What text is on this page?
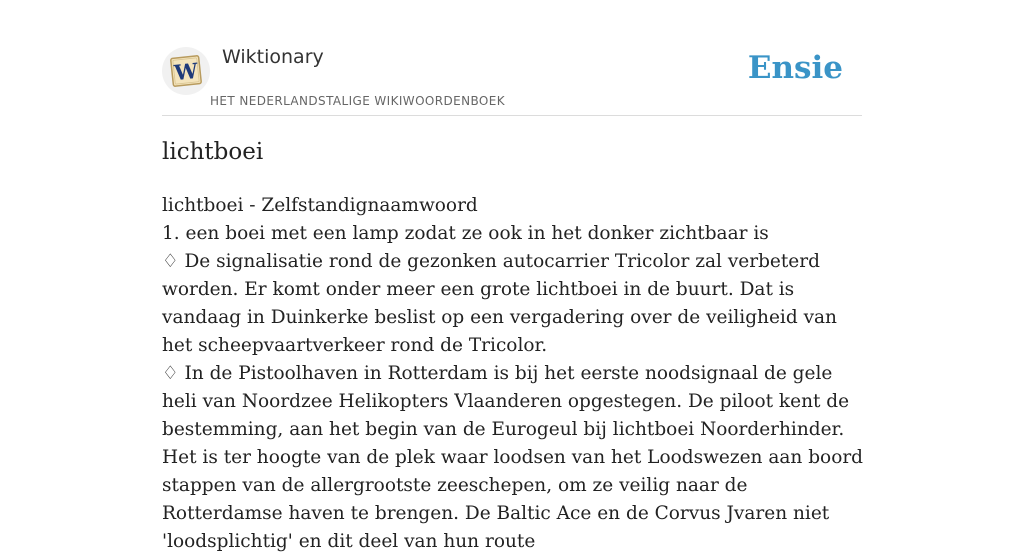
W
Wiktionary
HET NEDERLANDSTALIGE WIKIWOORDENBOEK
Ensie
lichtboei

lichtboei - Zelfstandignaamwoord

1. een boei met een lamp zodat ze ook in het donker zichtbaar is

♢ De signalisatie rond de gezonken autocarrier Tricolor zal verbeterd worden. Er komt onder meer een grote lichtboei in de buurt. Dat is vandaag in Duinkerke beslist op een vergadering over de veiligheid van het scheepvaartverkeer rond de Tricolor.

♢ In de Pistoolhaven in Rotterdam is bij het eerste noodsignaal de gele heli van Noordzee Helikopters Vlaanderen opgestegen. De piloot kent de bestemming, aan het begin van de Eurogeul bij lichtboei Noorderhinder. Het is ter hoogte van de plek waar loodsen van het Loodswezen aan boord stappen van de allergrootste zeeschepen, om ze veilig naar de Rotterdamse haven te brengen. De Baltic Ace en de Corvus Jvaren niet 'loodsplichtig' en dit deel van hun route
